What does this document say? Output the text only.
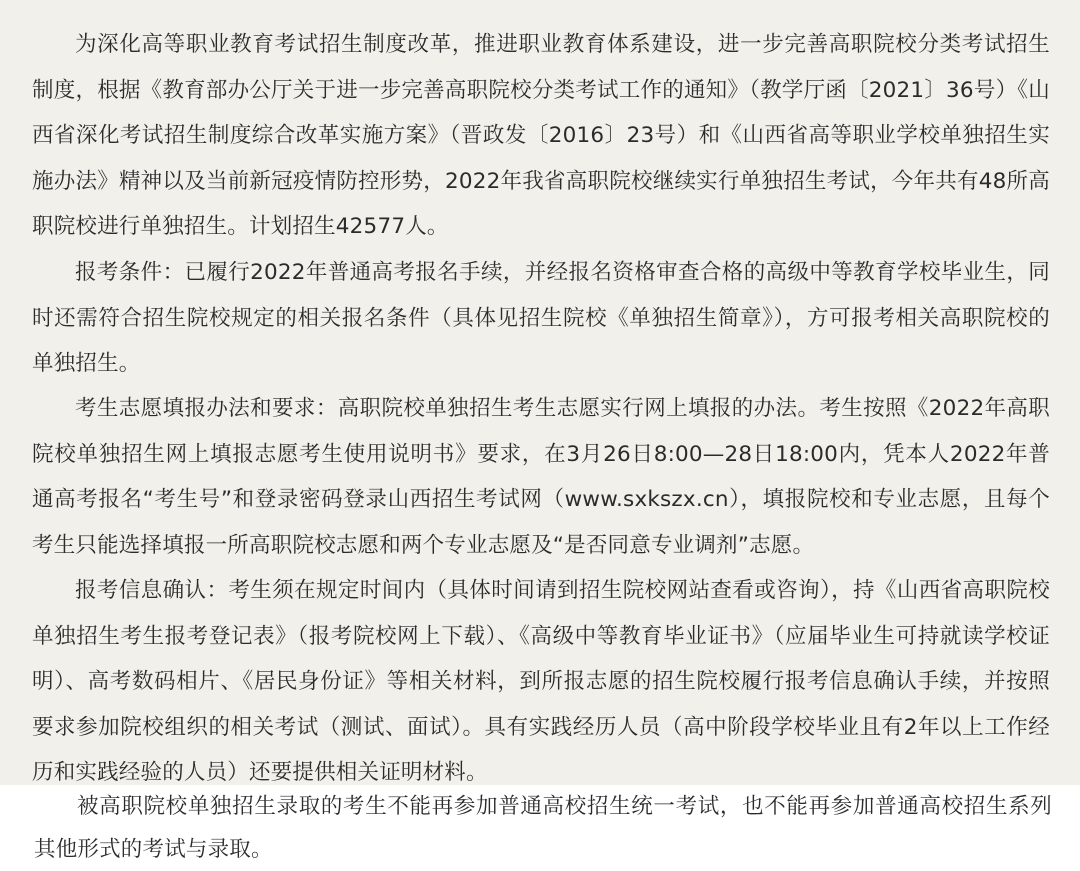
为深化高等职业教育考试招生制度改革，推进职业教育体系建设，进一步完善高职院校分类考试招生制度，根据《教育部办公厅关于进一步完善高职院校分类考试工作的通知》（教学厅函〔2021〕36号）《山西省深化考试招生制度综合改革实施方案》（晋政发〔2016〕23号）和《山西省高等职业学校单独招生实施办法》精神以及当前新冠疫情防控形势，2022年我省高职院校继续实行单独招生考试，今年共有48所高职院校进行单独招生。计划招生42577人。

报考条件：已履行2022年普通高考报名手续，并经报名资格审查合格的高级中等教育学校毕业生，同时还需符合招生院校规定的相关报名条件（具体见招生院校《单独招生简章》），方可报考相关高职院校的单独招生。

考生志愿填报办法和要求：高职院校单独招生考生志愿实行网上填报的办法。考生按照《2022年高职院校单独招生网上填报志愿考生使用说明书》要求，在3月26日8:00—28日18:00内，凭本人2022年普通高考报名“考生号”和登录密码登录山西招生考试网（www.sxkszx.cn），填报院校和专业志愿，且每个考生只能选择填报一所高职院校志愿和两个专业志愿及“是否同意专业调剂”志愿。

报考信息确认：考生须在规定时间内（具体时间请到招生院校网站查看或咨询），持《山西省高职院校单独招生考生报考登记表》（报考院校网上下载）、《高级中等教育毕业证书》（应届毕业生可持就读学校证明）、高考数码相片、《居民身份证》等相关材料，到所报志愿的招生院校履行报考信息确认手续，并按照要求参加院校组织的相关考试（测试、面试）。具有实践经历人员（高中阶段学校毕业且有2年以上工作经历和实践经验的人员）还要提供相关证明材料。

被高职院校单独招生录取的考生不能再参加普通高校招生统一考试，也不能再参加普通高校招生系列其他形式的考试与录取。
